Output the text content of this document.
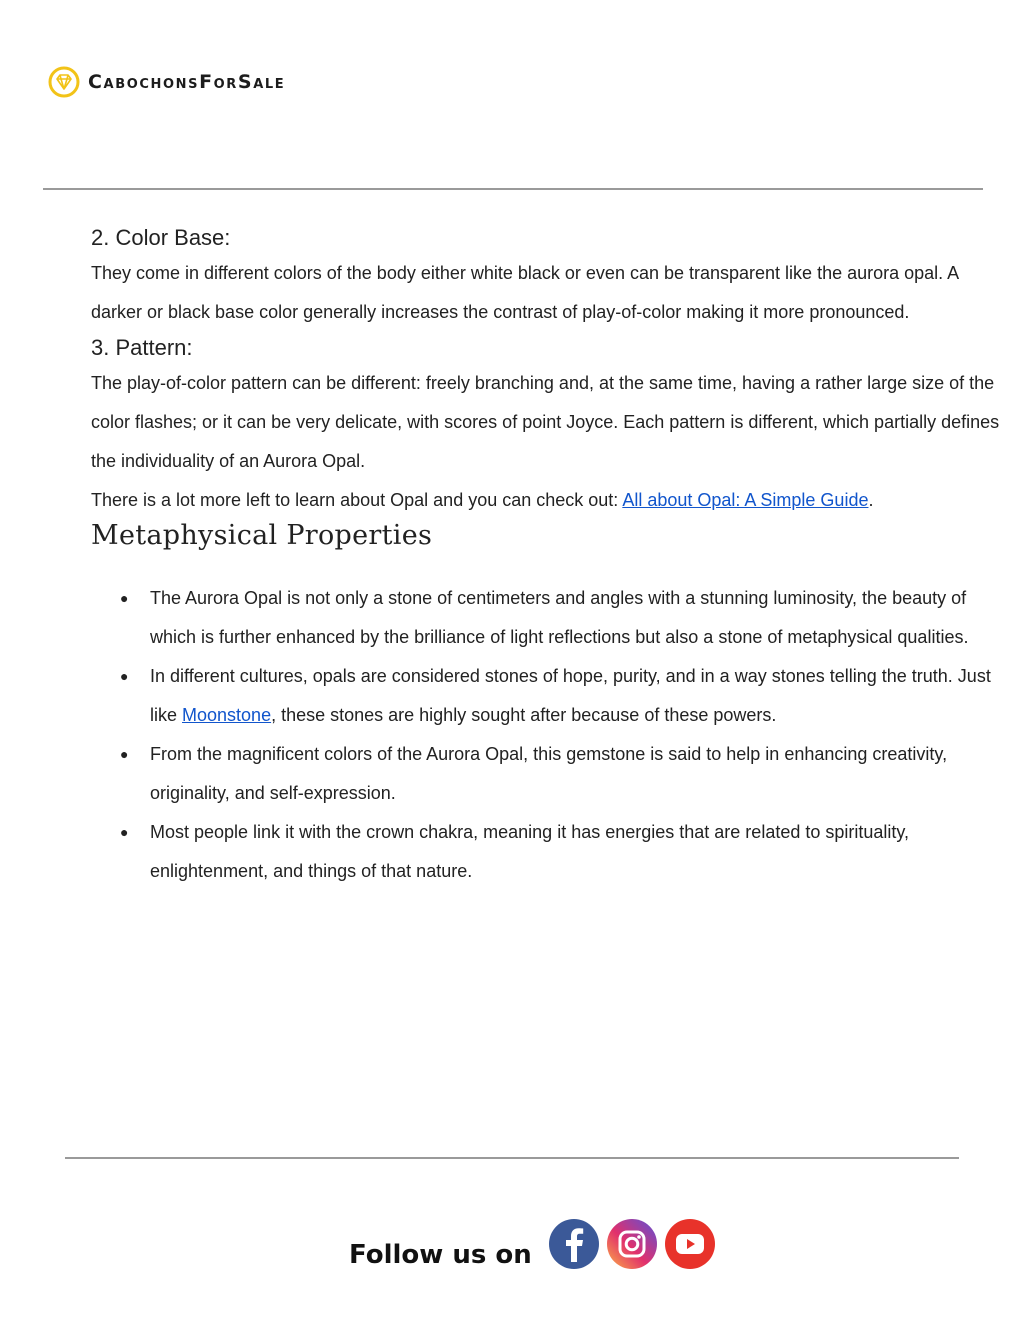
CabochonsForSale
2. Color Base:

They come in different colors of the body either white black or even can be transparent like the aurora opal. A darker or black base color generally increases the contrast of play-of-color making it more pronounced.

3. Pattern:

The play-of-color pattern can be different: freely branching and, at the same time, having a rather large size of the color flashes; or it can be very delicate, with scores of point Joyce. Each pattern is different, which partially defines the individuality of an Aurora Opal.

There is a lot more left to learn about Opal and you can check out: All about Opal: A Simple Guide.

Metaphysical Properties
● The Aurora Opal is not only a stone of centimeters and angles with a stunning luminosity, the beauty of which is further enhanced by the brilliance of light reflections but also a stone of metaphysical qualities.
● In different cultures, opals are considered stones of hope, purity, and in a way stones telling the truth. Just like Moonstone, these stones are highly sought after because of these powers.
● From the magnificent colors of the Aurora Opal, this gemstone is said to help in enhancing creativity, originality, and self-expression.
● Most people link it with the crown chakra, meaning it has energies that are related to spirituality, enlightenment, and things of that nature.
Follow us on
